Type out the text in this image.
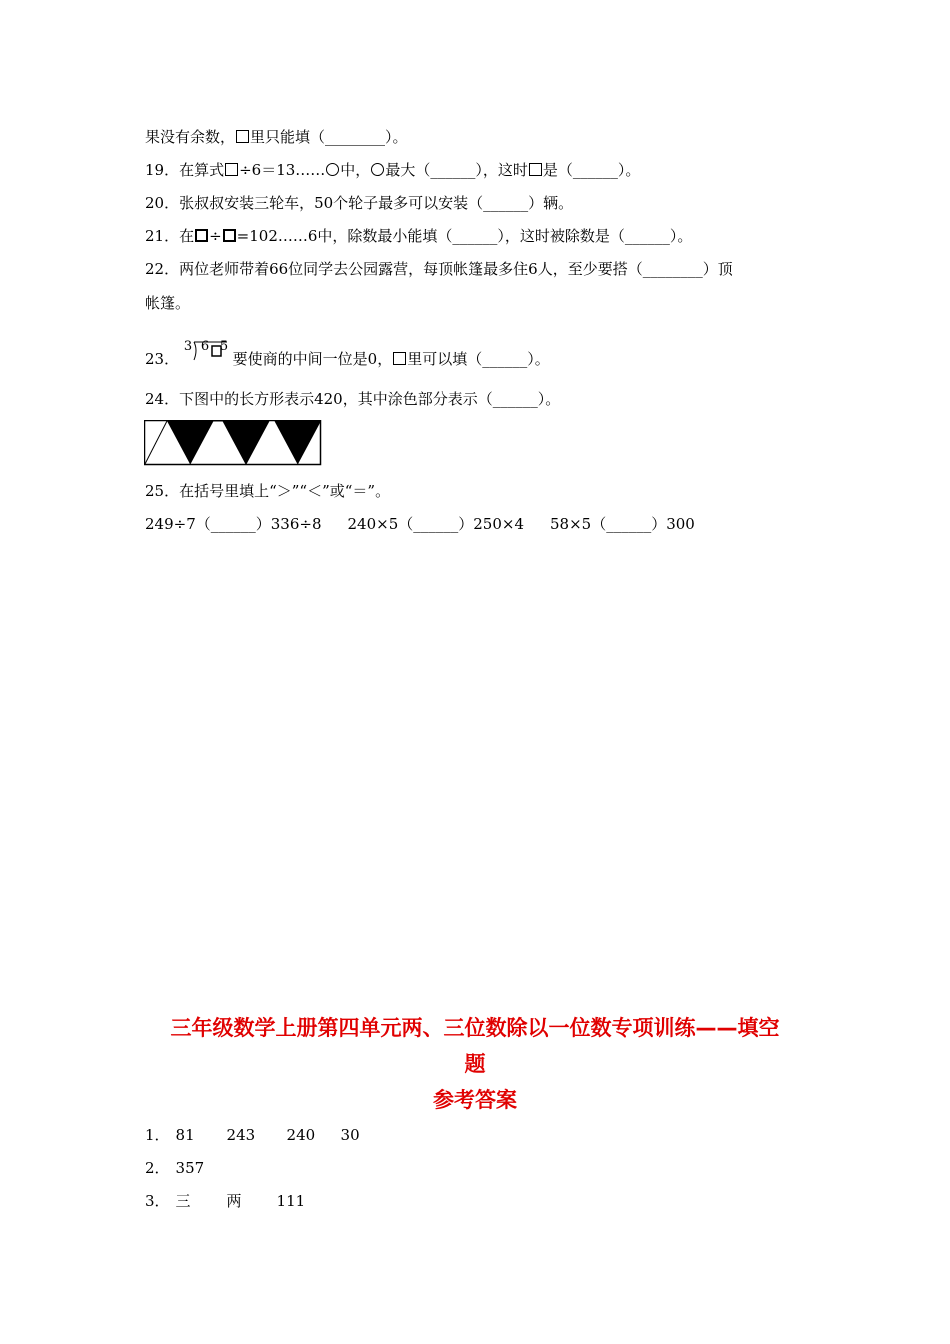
果没有余数， 里只能填（________）。
19．在算式 ÷6＝13…… 中， 最大（______），这时 是（______）。
20．张叔叔安装三轮车，50个轮子最多可以安装（______）辆。
21．在 ÷ =102……6中，除数最小能填（______），这时被除数是（______）。
22．两位老师带着66位同学去公园露营，每顶帐篷最多住6人，至少要搭（________）顶
帐篷。
23．
3 6 5
要使商的中间一位是0， 里可以填（______）。
24．下图中的长方形表示420，其中涂色部分表示（______）。
25．在括号里填上“＞”“＜”或“＝”。
249÷7（______）336÷8 240×5（______）250×4 58×5（______）300
三年级数学上册第四单元两、三位数除以一位数专项训练——填空
题
参考答案
1． 81 243 240 30
2． 357
3． 三 两 111
